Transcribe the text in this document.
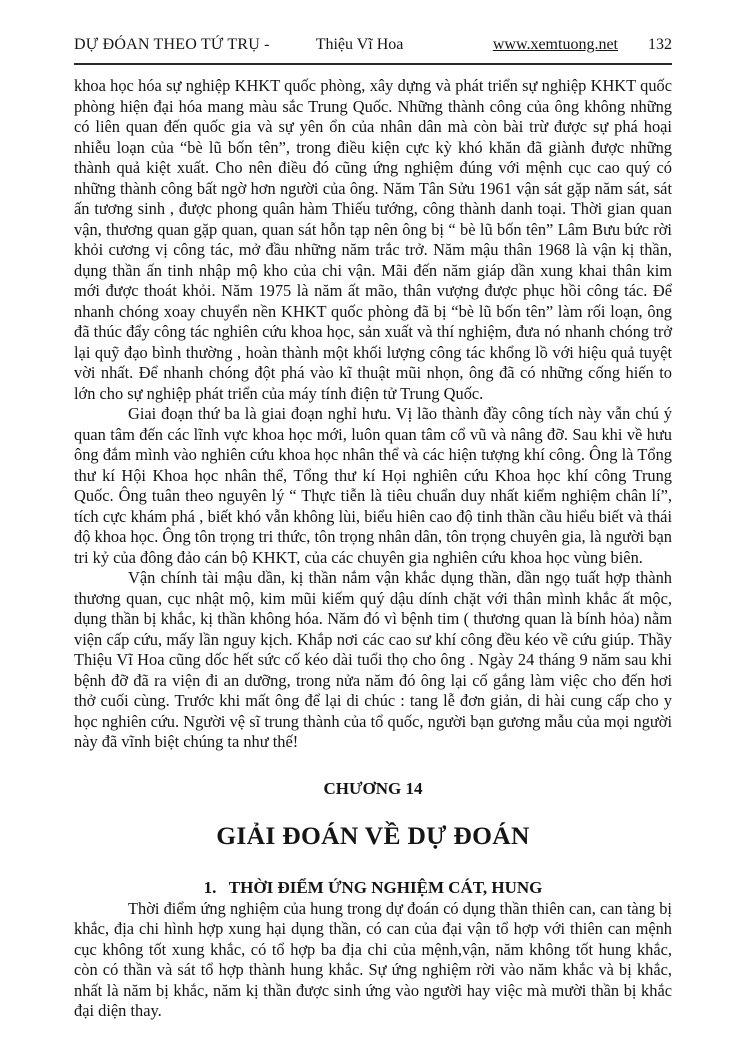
DỰ ĐÓAN THEO TỨ TRỤ -	Thiệu Vĩ Hoa	www.xemtuong.net 132

khoa học hóa sự nghiệp KHKT quốc phòng, xây dựng và phát triển sự nghiệp KHKT quốc phòng hiện đại hóa mang màu sắc Trung Quốc. Những thành công của ông không những có liên quan đến quốc gia và sự yên ổn của nhân dân mà còn bài trừ được sự phá hoại nhiễu loạn của “bè lũ bốn tên”, trong điều kiện cực kỳ khó khăn đã giành được những thành quả kiệt xuất. Cho nên điều đó cũng ứng nghiệm đúng với mệnh cục cao quý có những thành công bất ngờ hơn người của ông. Năm Tân Sửu 1961 vận sát gặp năm sát, sát ấn tương sinh , được phong quân hàm Thiếu tướng, công thành danh toại. Thời gian quan vận, thương quan gặp quan, quan sát hỗn tạp nên ông bị “ bè lũ bốn tên” Lâm Bưu bức rời khỏi cương vị công tác, mở đầu những năm trắc trở. Năm mậu thân 1968 là vận kị thần, dụng thần ấn tinh nhập mộ kho của chi vận. Mãi đến năm giáp dần xung khai thân kim mới được thoát khỏi. Năm 1975 là năm ất mão, thân vượng được phục hồi công tác. Để nhanh chóng xoay chuyển nền KHKT quốc phòng đã bị “bè lũ bốn tên” làm rối loạn, ông đã thúc đẩy công tác nghiên cứu khoa học, sản xuất và thí nghiệm, đưa nó nhanh chóng trở lại quỹ đạo bình thường , hoàn thành một khối lượng công tác khổng lồ với hiệu quả tuyệt vời nhất. Để nhanh chóng đột phá vào kĩ thuật mũi nhọn, ông đã có những cống hiến to lớn cho sự nghiệp phát triển của máy tính điện tử Trung Quốc.

Giai đoạn thứ ba là giai đoạn nghỉ hưu. Vị lão thành đầy công tích này vẫn chú ý quan tâm đến các lĩnh vực khoa học mới, luôn quan tâm cổ vũ và nâng đỡ. Sau khi về hưu ông đắm mình vào nghiên cứu khoa học nhân thể và các hiện tượng khí công. Ông là Tổng thư kí Hội Khoa học nhân thể, Tổng thư kí Họi nghiên cứu Khoa học khí công Trung Quốc. Ông tuân theo nguyên lý “ Thực tiễn là tiêu chuẩn duy nhất kiểm nghiệm chân lí”, tích cực khám phá , biết khó vẫn không lùi, biểu hiên cao độ tinh thần cầu hiểu biết và thái độ khoa học. Ông tôn trọng tri thức, tôn trọng nhân dân, tôn trọng chuyên gia, là người bạn tri kỷ của đông đảo cán bộ KHKT, của các chuyên gia nghiên cứu khoa học vùng biên.

Vận chính tài mậu dần, kị thần nắm vận khắc dụng thần, dần ngọ tuất hợp thành thương quan, cục nhật mộ, kim mũi kiếm quý dậu dính chặt với thân mình khắc ất mộc, dụng thần bị khắc, kị thần không hóa. Năm đó vì bệnh tim ( thương quan là bính hỏa) nằm viện cấp cứu, mấy lần nguy kịch. Khắp nơi các cao sư khí công đều kéo về cứu giúp. Thầy Thiệu Vĩ Hoa cũng dốc hết sức cố kéo dài tuổi thọ cho ông . Ngày 24 tháng 9 năm sau khi bệnh đỡ đã ra viện đi an dưỡng, trong nửa năm đó ông lại cố gắng làm việc cho đến hơi thở cuối cùng. Trước khi mất ông để lại di chúc : tang lễ đơn giản, di hài cung cấp cho y học nghiên cứu. Người vệ sĩ trung thành của tổ quốc, người bạn gương mẫu của mọi người này đã vĩnh biệt chúng ta như thế!

CHƯƠNG 14
GIẢI ĐOÁN VỀ DỰ ĐOÁN
1.   THỜI ĐIỂM ỨNG NGHIỆM CÁT, HUNG

Thời điểm ứng nghiệm của hung trong dự đoán có dụng thần thiên can, can tàng bị khắc, địa chi hình hợp xung hại dụng thần, có can của đại vận tổ hợp với thiên can mệnh cục không tốt xung khắc, có tổ hợp ba địa chi của mệnh,vận, năm không tốt hung khắc, còn có thần và sát tổ hợp thành hung khắc. Sự ứng nghiệm rời vào năm khắc và bị khắc, nhất là năm bị khắc, năm kị thần được sinh ứng vào người hay việc mà mười thần bị khắc đại diện thay.
